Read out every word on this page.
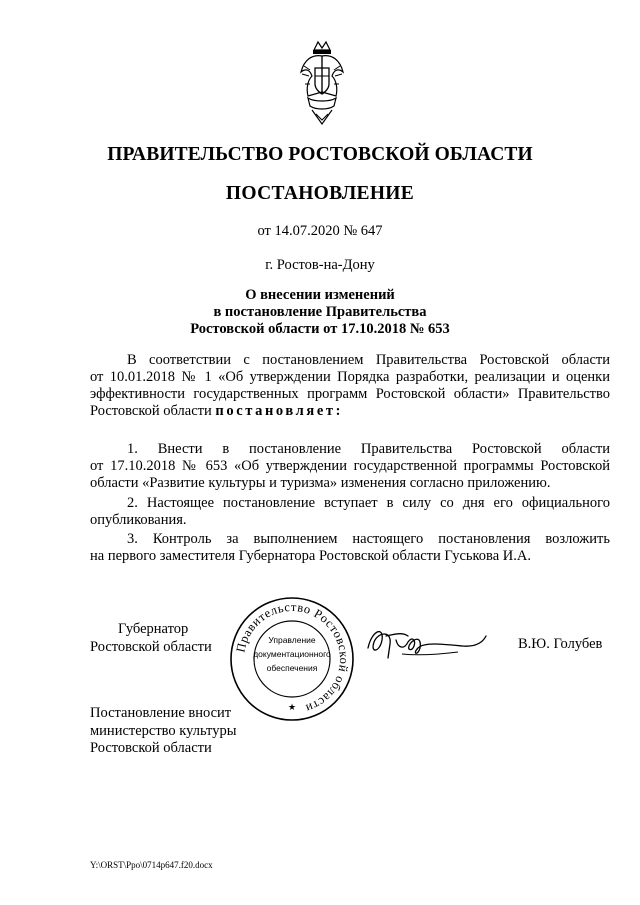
ПРАВИТЕЛЬСТВО РОСТОВСКОЙ ОБЛАСТИ
ПОСТАНОВЛЕНИЕ
от 14.07.2020 № 647
г. Ростов-на-Дону
О внесении изменений
в постановление Правительства
Ростовской области от 17.10.2018 № 653
В соответствии с постановлением Правительства Ростовской области
от 10.01.2018 № 1 «Об утверждении Порядка разработки, реализации и оценки
эффективности государственных программ Ростовской области» Правительство
Ростовской области постановляет:
1. Внести в постановление Правительства Ростовской области
от 17.10.2018 № 653 «Об утверждении государственной программы Ростовской
области «Развитие культуры и туризма» изменения согласно приложению.
2. Настоящее постановление вступает в силу со дня его официального
опубликования.
3. Контроль за выполнением настоящего постановления возложить
на первого заместителя Губернатора Ростовской области Гуськова И.А.
Губернатор
Ростовской области Правительство Ростовской области
Управление
документационного
обеспечения
★
В.Ю. Голубев
Постановление вносит
министерство культуры
Ростовской области
Y:\ORST\Ppo\0714p647.f20.docx
